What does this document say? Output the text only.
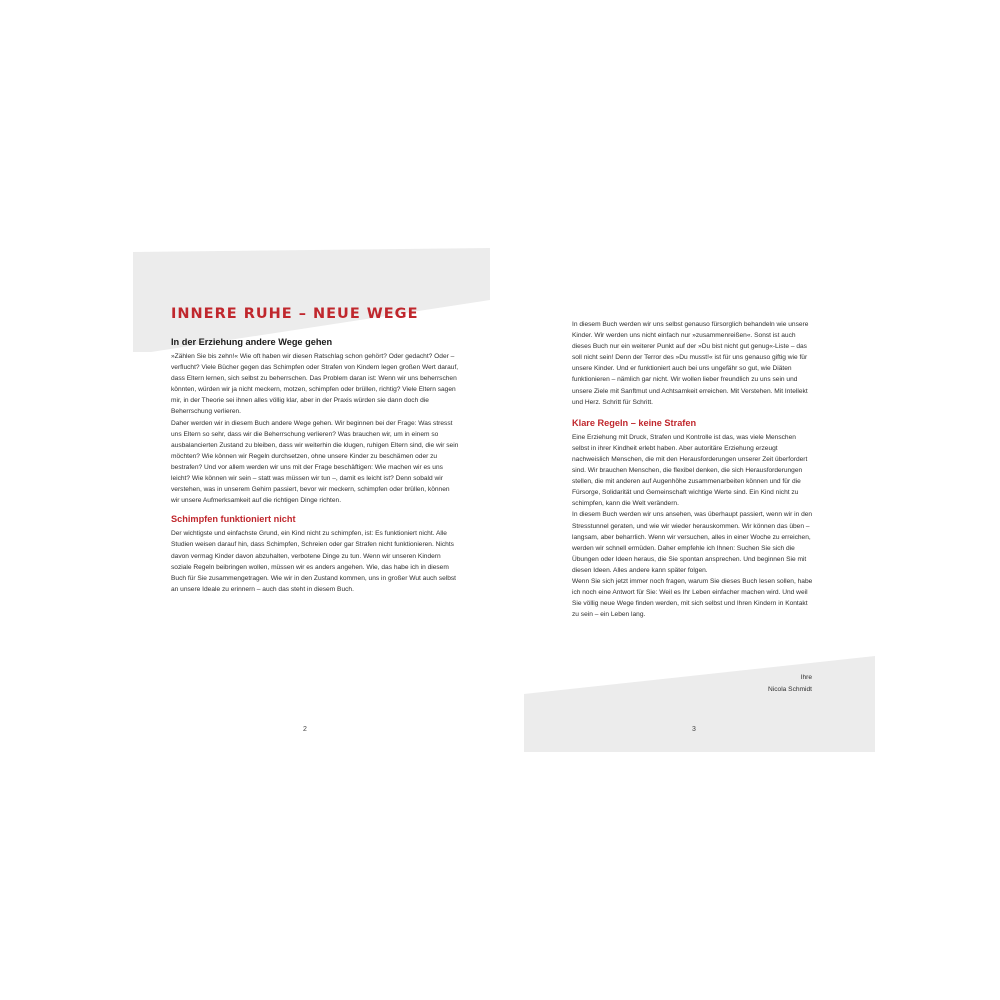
INNERE RUHE – NEUE WEGE
In der Erziehung andere Wege gehen

»Zählen Sie bis zehn!« Wie oft haben wir diesen Ratschlag schon gehört? Oder gedacht? Oder – verflucht? Viele Bücher gegen das Schimpfen oder Strafen von Kindern legen großen Wert darauf, dass Eltern lernen, sich selbst zu beherrschen. Das Problem daran ist: Wenn wir uns beherrschen könnten, würden wir ja nicht meckern, motzen, schimpfen oder brüllen, richtig? Viele Eltern sagen mir, in der Theorie sei ihnen alles völlig klar, aber in der Praxis würden sie dann doch die Beherrschung verlieren.

Daher werden wir in diesem Buch andere Wege gehen. Wir beginnen bei der Frage: Was stresst uns Eltern so sehr, dass wir die Beherrschung verlieren? Was brauchen wir, um in einem so ausbalancierten Zustand zu bleiben, dass wir weiterhin die klugen, ruhigen Eltern sind, die wir sein möchten? Wie können wir Regeln durchsetzen, ohne unsere Kinder zu beschämen oder zu bestrafen? Und vor allem werden wir uns mit der Frage beschäftigen: Wie machen wir es uns leicht? Wie können wir sein – statt was müssen wir tun –, damit es leicht ist? Denn sobald wir verstehen, was in unserem Gehirn passiert, bevor wir meckern, schimpfen oder brüllen, können wir unsere Aufmerksamkeit auf die richtigen Dinge richten.

Schimpfen funktioniert nicht

Der wichtigste und einfachste Grund, ein Kind nicht zu schimpfen, ist: Es funktioniert nicht. Alle Studien weisen darauf hin, dass Schimpfen, Schreien oder gar Strafen nicht funktionieren. Nichts davon vermag Kinder davon abzuhalten, verbotene Dinge zu tun. Wenn wir unseren Kindern soziale Regeln beibringen wollen, müssen wir es anders angehen. Wie, das habe ich in diesem Buch für Sie zusammengetragen. Wie wir in den Zustand kommen, uns in großer Wut auch selbst an unsere Ideale zu erinnern – auch das steht in diesem Buch.

2

In diesem Buch werden wir uns selbst genauso fürsorglich behandeln wie unsere Kinder. Wir werden uns nicht einfach nur »zusammenreißen«. Sonst ist auch dieses Buch nur ein weiterer Punkt auf der »Du bist nicht gut genug«-Liste – das soll nicht sein! Denn der Terror des »Du musst!« ist für uns genauso giftig wie für unsere Kinder. Und er funktioniert auch bei uns ungefähr so gut, wie Diäten funktionieren – nämlich gar nicht. Wir wollen lieber freundlich zu uns sein und unsere Ziele mit Sanftmut und Achtsamkeit erreichen. Mit Verstehen. Mit Intellekt und Herz. Schritt für Schritt.

Klare Regeln – keine Strafen

Eine Erziehung mit Druck, Strafen und Kontrolle ist das, was viele Menschen selbst in ihrer Kindheit erlebt haben. Aber autoritäre Erziehung erzeugt nachweislich Menschen, die mit den Herausforderungen unserer Zeit überfordert sind. Wir brauchen Menschen, die flexibel denken, die sich Herausforderungen stellen, die mit anderen auf Augenhöhe zusammenarbeiten können und für die Fürsorge, Solidarität und Gemeinschaft wichtige Werte sind. Ein Kind nicht zu schimpfen, kann die Welt verändern.

In diesem Buch werden wir uns ansehen, was überhaupt passiert, wenn wir in den Stresstunnel geraten, und wie wir wieder herauskommen. Wir können das üben – langsam, aber beharrlich. Wenn wir versuchen, alles in einer Woche zu erreichen, werden wir schnell ermüden. Daher empfehle ich Ihnen: Suchen Sie sich die Übungen oder Ideen heraus, die Sie spontan ansprechen. Und beginnen Sie mit diesen Ideen. Alles andere kann später folgen.

Wenn Sie sich jetzt immer noch fragen, warum Sie dieses Buch lesen sollen, habe ich noch eine Antwort für Sie: Weil es Ihr Leben einfacher machen wird. Und weil Sie völlig neue Wege finden werden, mit sich selbst und Ihren Kindern in Kontakt zu sein – ein Leben lang.

Ihre
Nicola Schmidt
3
